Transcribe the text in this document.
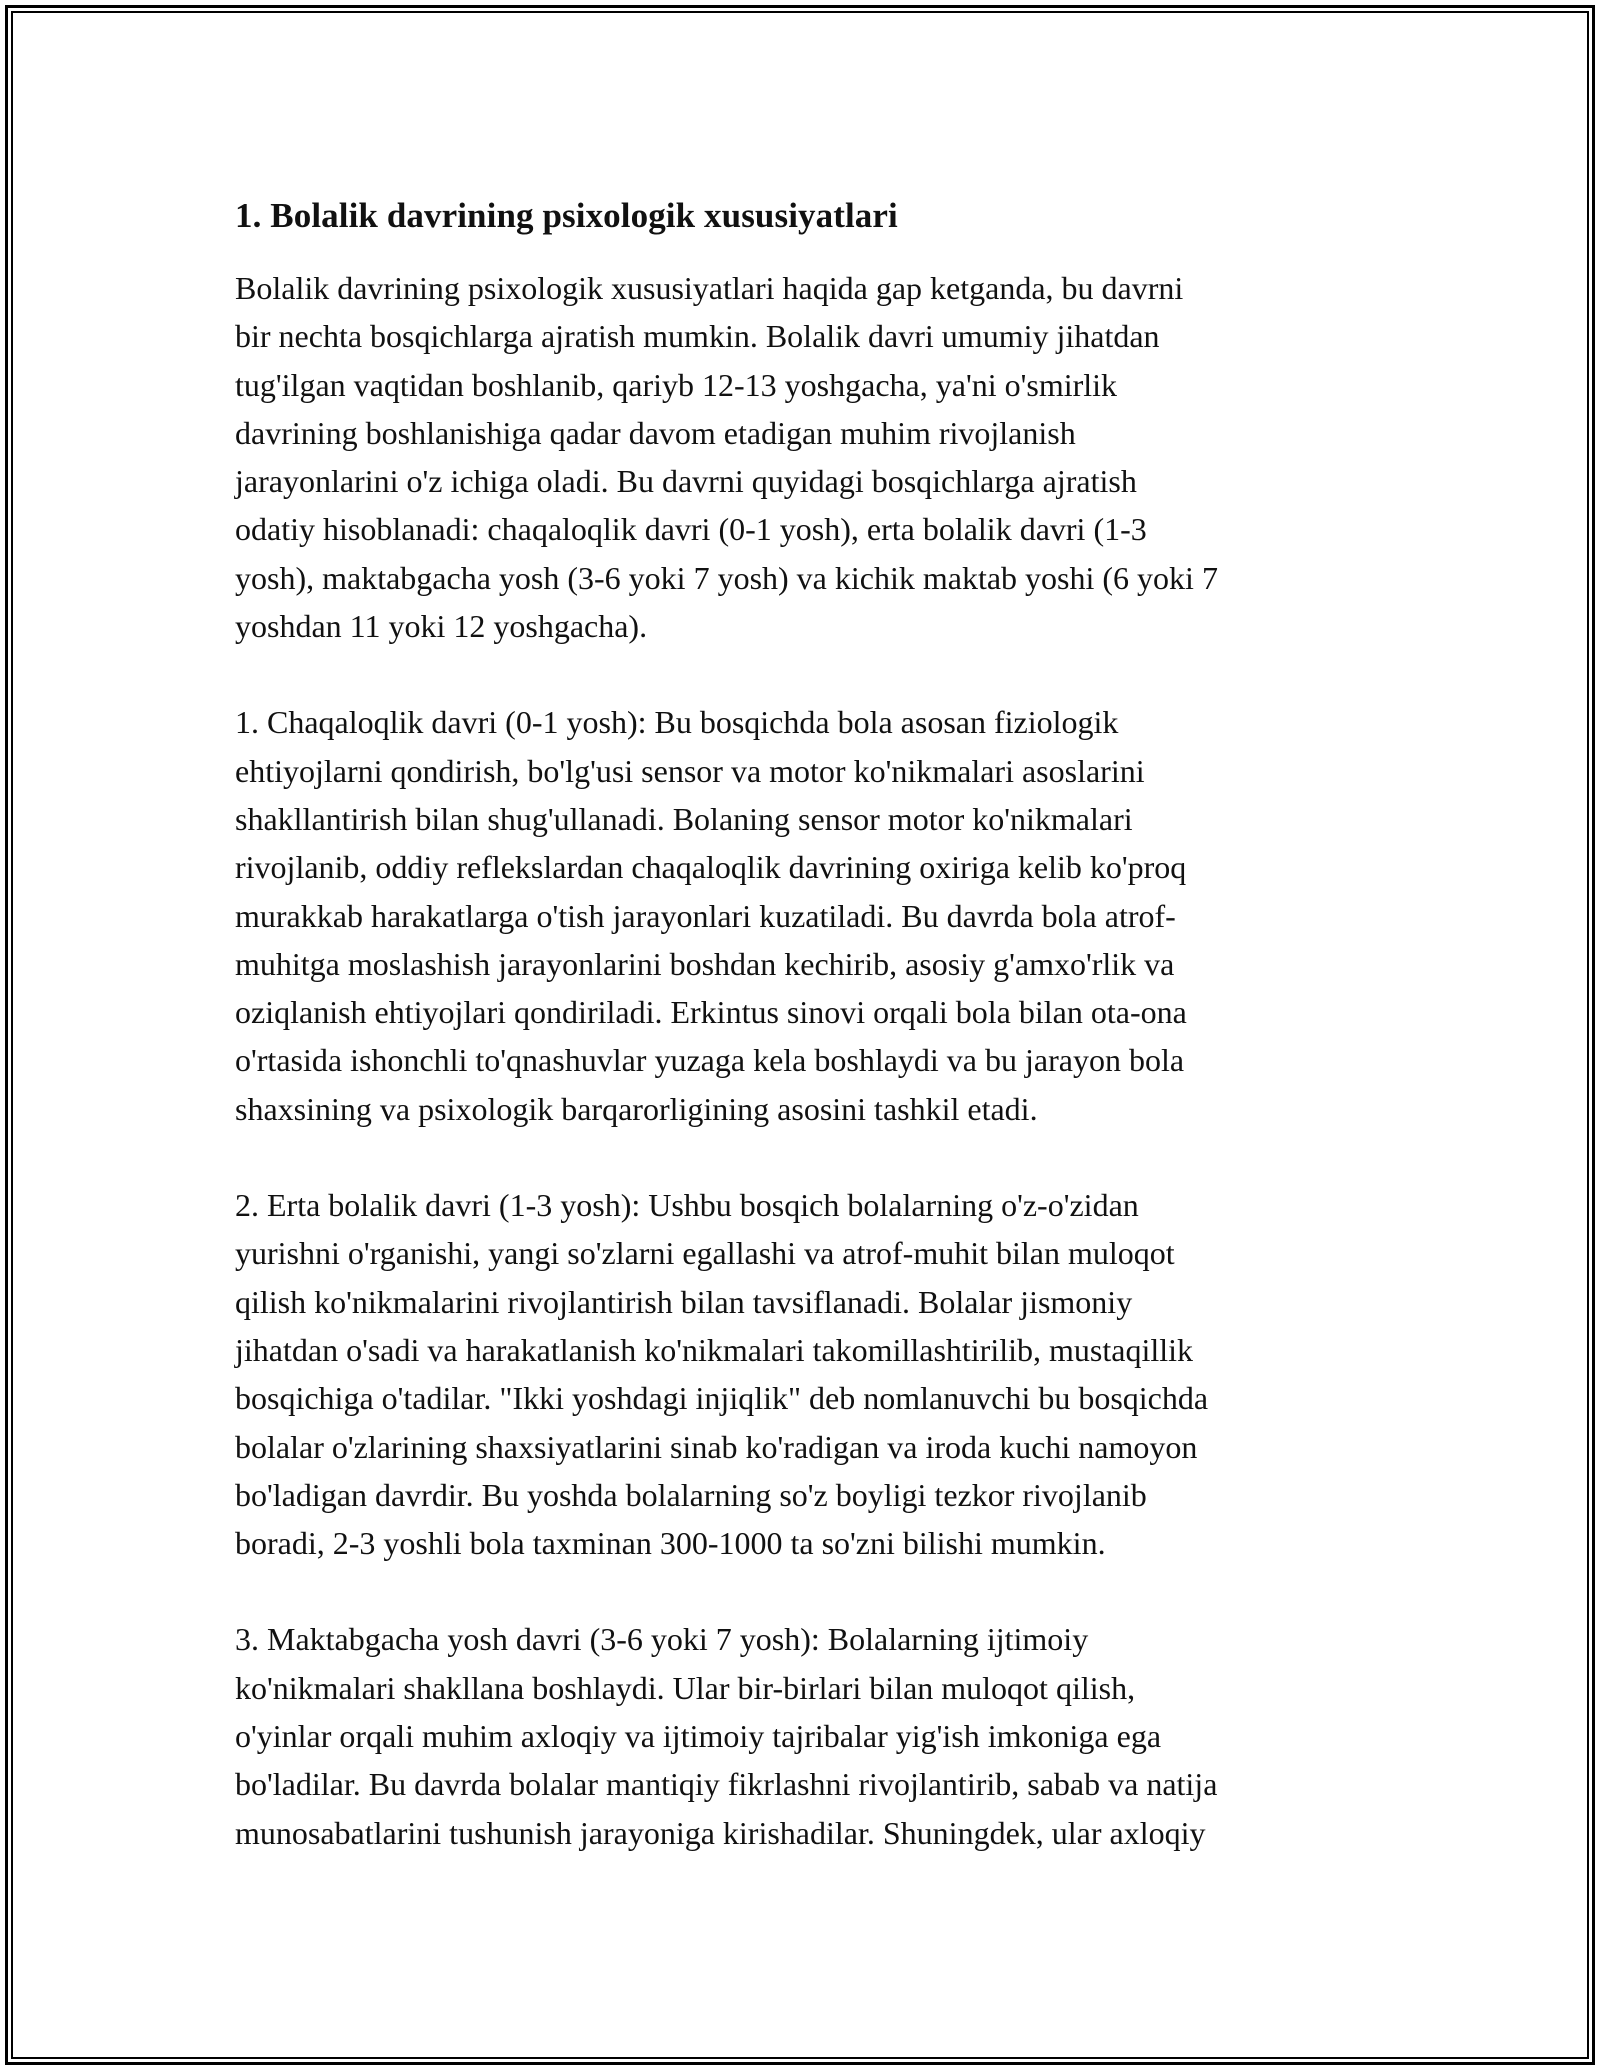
1. Bolalik davrining psixologik xususiyatlari

Bolalik davrining psixologik xususiyatlari haqida gap ketganda, bu davrni
bir nechta bosqichlarga ajratish mumkin. Bolalik davri umumiy jihatdan
tug'ilgan vaqtidan boshlanib, qariyb 12-13 yoshgacha, ya'ni o'smirlik
davrining boshlanishiga qadar davom etadigan muhim rivojlanish
jarayonlarini o'z ichiga oladi. Bu davrni quyidagi bosqichlarga ajratish
odatiy hisoblanadi: chaqaloqlik davri (0-1 yosh), erta bolalik davri (1-3
yosh), maktabgacha yosh (3-6 yoki 7 yosh) va kichik maktab yoshi (6 yoki 7
yoshdan 11 yoki 12 yoshgacha).

1. Chaqaloqlik davri (0-1 yosh): Bu bosqichda bola asosan fiziologik
ehtiyojlarni qondirish, bo'lg'usi sensor va motor ko'nikmalari asoslarini
shakllantirish bilan shug'ullanadi. Bolaning sensor motor ko'nikmalari
rivojlanib, oddiy reflekslardan chaqaloqlik davrining oxiriga kelib ko'proq
murakkab harakatlarga o'tish jarayonlari kuzatiladi. Bu davrda bola atrof-
muhitga moslashish jarayonlarini boshdan kechirib, asosiy g'amxo'rlik va
oziqlanish ehtiyojlari qondiriladi. Erkintus sinovi orqali bola bilan ota-ona
o'rtasida ishonchli to'qnashuvlar yuzaga kela boshlaydi va bu jarayon bola
shaxsining va psixologik barqarorligining asosini tashkil etadi.

2. Erta bolalik davri (1-3 yosh): Ushbu bosqich bolalarning o'z-o'zidan
yurishni o'rganishi, yangi so'zlarni egallashi va atrof-muhit bilan muloqot
qilish ko'nikmalarini rivojlantirish bilan tavsiflanadi. Bolalar jismoniy
jihatdan o'sadi va harakatlanish ko'nikmalari takomillashtirilib, mustaqillik
bosqichiga o'tadilar. "Ikki yoshdagi injiqlik" deb nomlanuvchi bu bosqichda
bolalar o'zlarining shaxsiyatlarini sinab ko'radigan va iroda kuchi namoyon
bo'ladigan davrdir. Bu yoshda bolalarning so'z boyligi tezkor rivojlanib
boradi, 2-3 yoshli bola taxminan 300-1000 ta so'zni bilishi mumkin.

3. Maktabgacha yosh davri (3-6 yoki 7 yosh): Bolalarning ijtimoiy
ko'nikmalari shakllana boshlaydi. Ular bir-birlari bilan muloqot qilish,
o'yinlar orqali muhim axloqiy va ijtimoiy tajribalar yig'ish imkoniga ega
bo'ladilar. Bu davrda bolalar mantiqiy fikrlashni rivojlantirib, sabab va natija
munosabatlarini tushunish jarayoniga kirishadilar. Shuningdek, ular axloqiy
